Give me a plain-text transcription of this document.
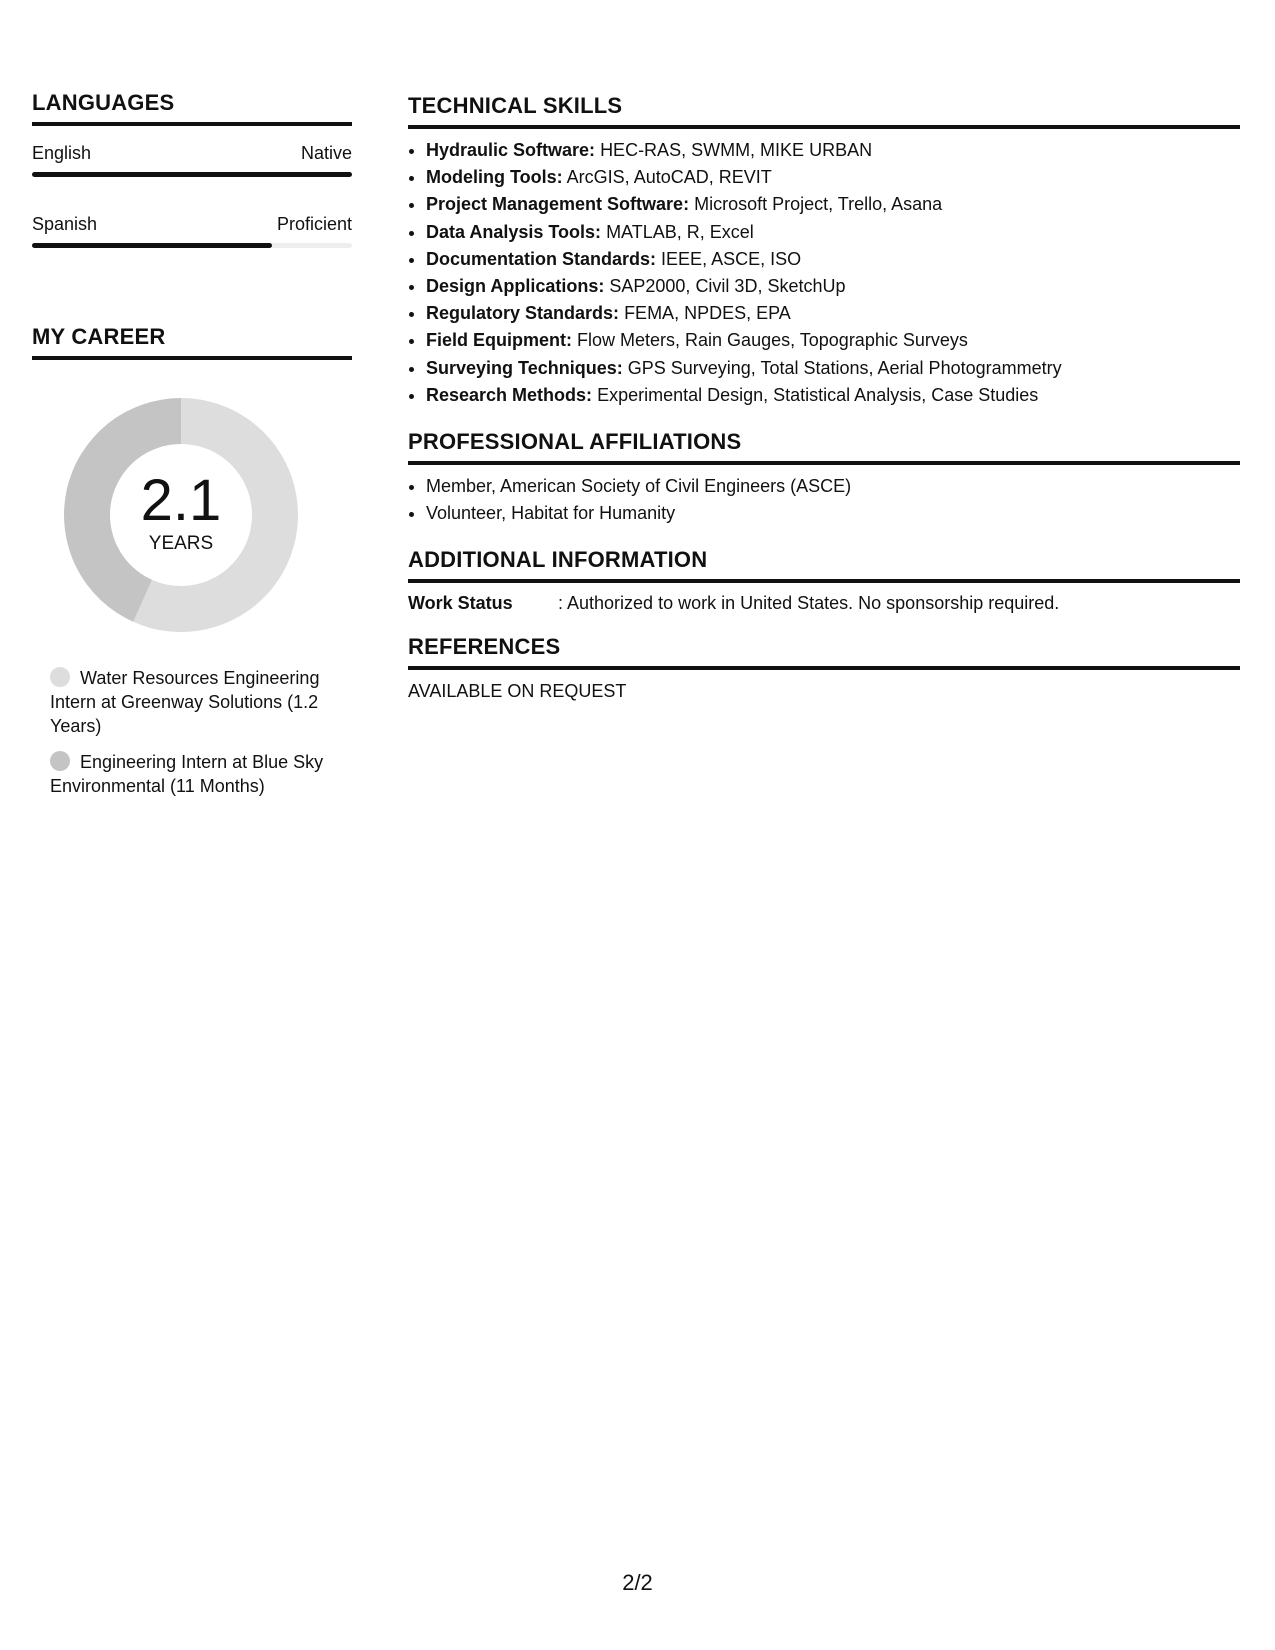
LANGUAGES
English	Native
Spanish	Proficient
MY CAREER
2.1
YEARS
Water Resources Engineering Intern at Greenway Solutions (1.2 Years)
Engineering Intern at Blue Sky Environmental (11 Months)
TECHNICAL SKILLS
• Hydraulic Software: HEC-RAS, SWMM, MIKE URBAN
• Modeling Tools: ArcGIS, AutoCAD, REVIT
• Project Management Software: Microsoft Project, Trello, Asana
• Data Analysis Tools: MATLAB, R, Excel
• Documentation Standards: IEEE, ASCE, ISO
• Design Applications: SAP2000, Civil 3D, SketchUp
• Regulatory Standards: FEMA, NPDES, EPA
• Field Equipment: Flow Meters, Rain Gauges, Topographic Surveys
• Surveying Techniques: GPS Surveying, Total Stations, Aerial Photogrammetry
• Research Methods: Experimental Design, Statistical Analysis, Case Studies
PROFESSIONAL AFFILIATIONS
• Member, American Society of Civil Engineers (ASCE)
• Volunteer, Habitat for Humanity
ADDITIONAL INFORMATION
Work Status	: Authorized to work in United States. No sponsorship required.
REFERENCES
AVAILABLE ON REQUEST
2/2
